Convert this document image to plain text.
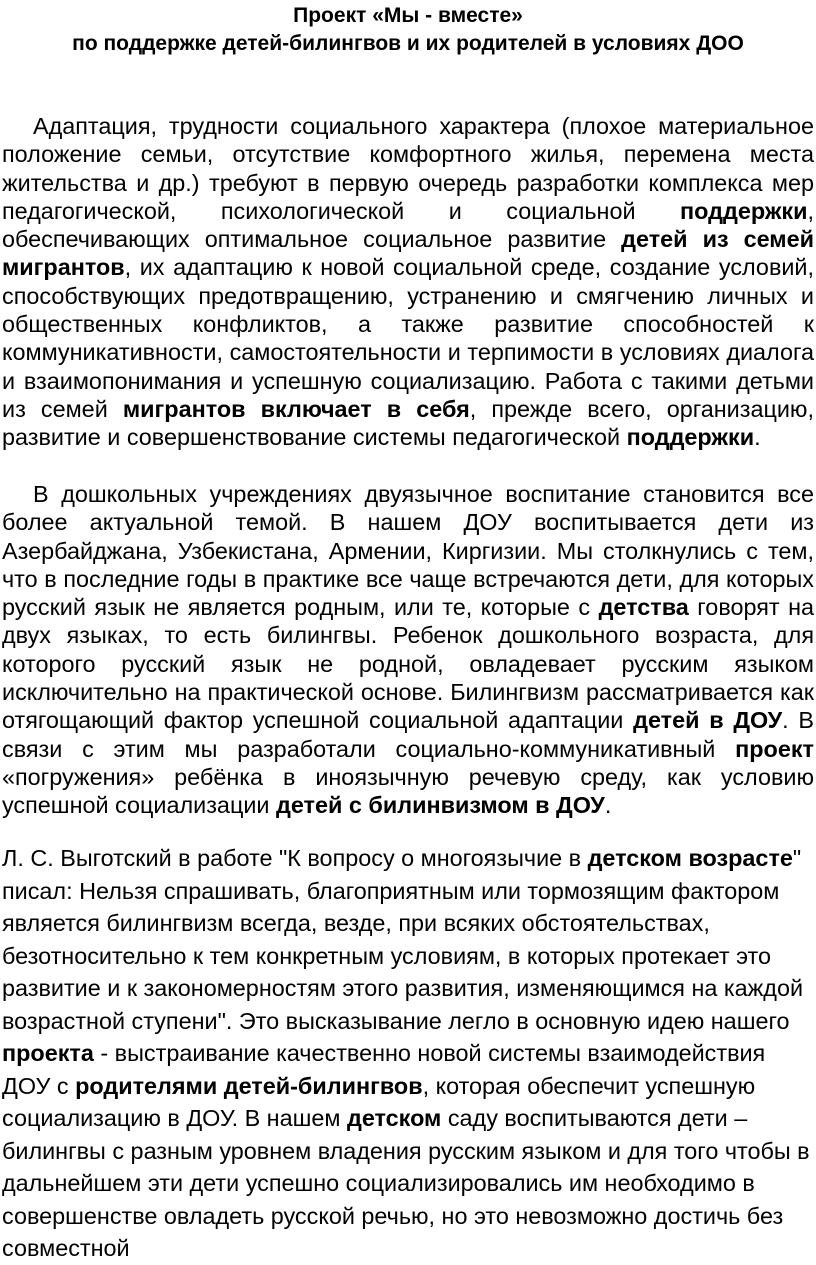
Проект «Мы - вместе»

по поддержке детей-билингвов и их родителей в условиях ДОО

Адаптация, трудности социального характера (плохое материальное положение семьи, отсутствие комфортного жилья, перемена места жительства и др.) требуют в первую очередь разработки комплекса мер педагогической, психологической и социальной поддержки, обеспечивающих оптимальное социальное развитие детей из семей мигрантов, их адаптацию к новой социальной среде, создание условий, способствующих предотвращению, устранению и смягчению личных и общественных конфликтов, а также развитие способностей к коммуникативности, самостоятельности и терпимости в условиях диалога и взаимопонимания и успешную социализацию. Работа с такими детьми из семей мигрантов включает в себя, прежде всего, организацию, развитие и совершенствование системы педагогической поддержки.

В дошкольных учреждениях двуязычное воспитание становится все более актуальной темой. В нашем ДОУ воспитывается дети из Азербайджана, Узбекистана, Армении, Киргизии. Мы столкнулись с тем, что в последние годы в практике все чаще встречаются дети, для которых русский язык не является родным, или те, которые с детства говорят на двух языках, то есть билингвы. Ребенок дошкольного возраста, для которого русский язык не родной, овладевает русским языком исключительно на практической основе. Билингвизм рассматривается как отягощающий фактор успешной социальной адаптации детей в ДОУ. В связи с этим мы разработали социально-коммуникативный проект «погружения» ребёнка в иноязычную речевую среду, как условию успешной социализации детей с билинвизмом в ДОУ.

Л. С. Выготский в работе "К вопросу о многоязычие в детском возрасте" писал: Нельзя спрашивать, благоприятным или тормозящим фактором является билингвизм всегда, везде, при всяких обстоятельствах, безотносительно к тем конкретным условиям, в которых протекает это развитие и к закономерностям этого развития, изменяющимся на каждой возрастной ступени". Это высказывание легло в основную идею нашего проекта - выстраивание качественно новой системы взаимодействия ДОУ с родителями детей-билингвов, которая обеспечит успешную социализацию в ДОУ. В нашем детском саду воспитываются дети – билингвы с разным уровнем владения русским языком и для того чтобы в дальнейшем эти дети успешно социализировались им необходимо в совершенстве овладеть русской речью, но это невозможно достичь без совместной
